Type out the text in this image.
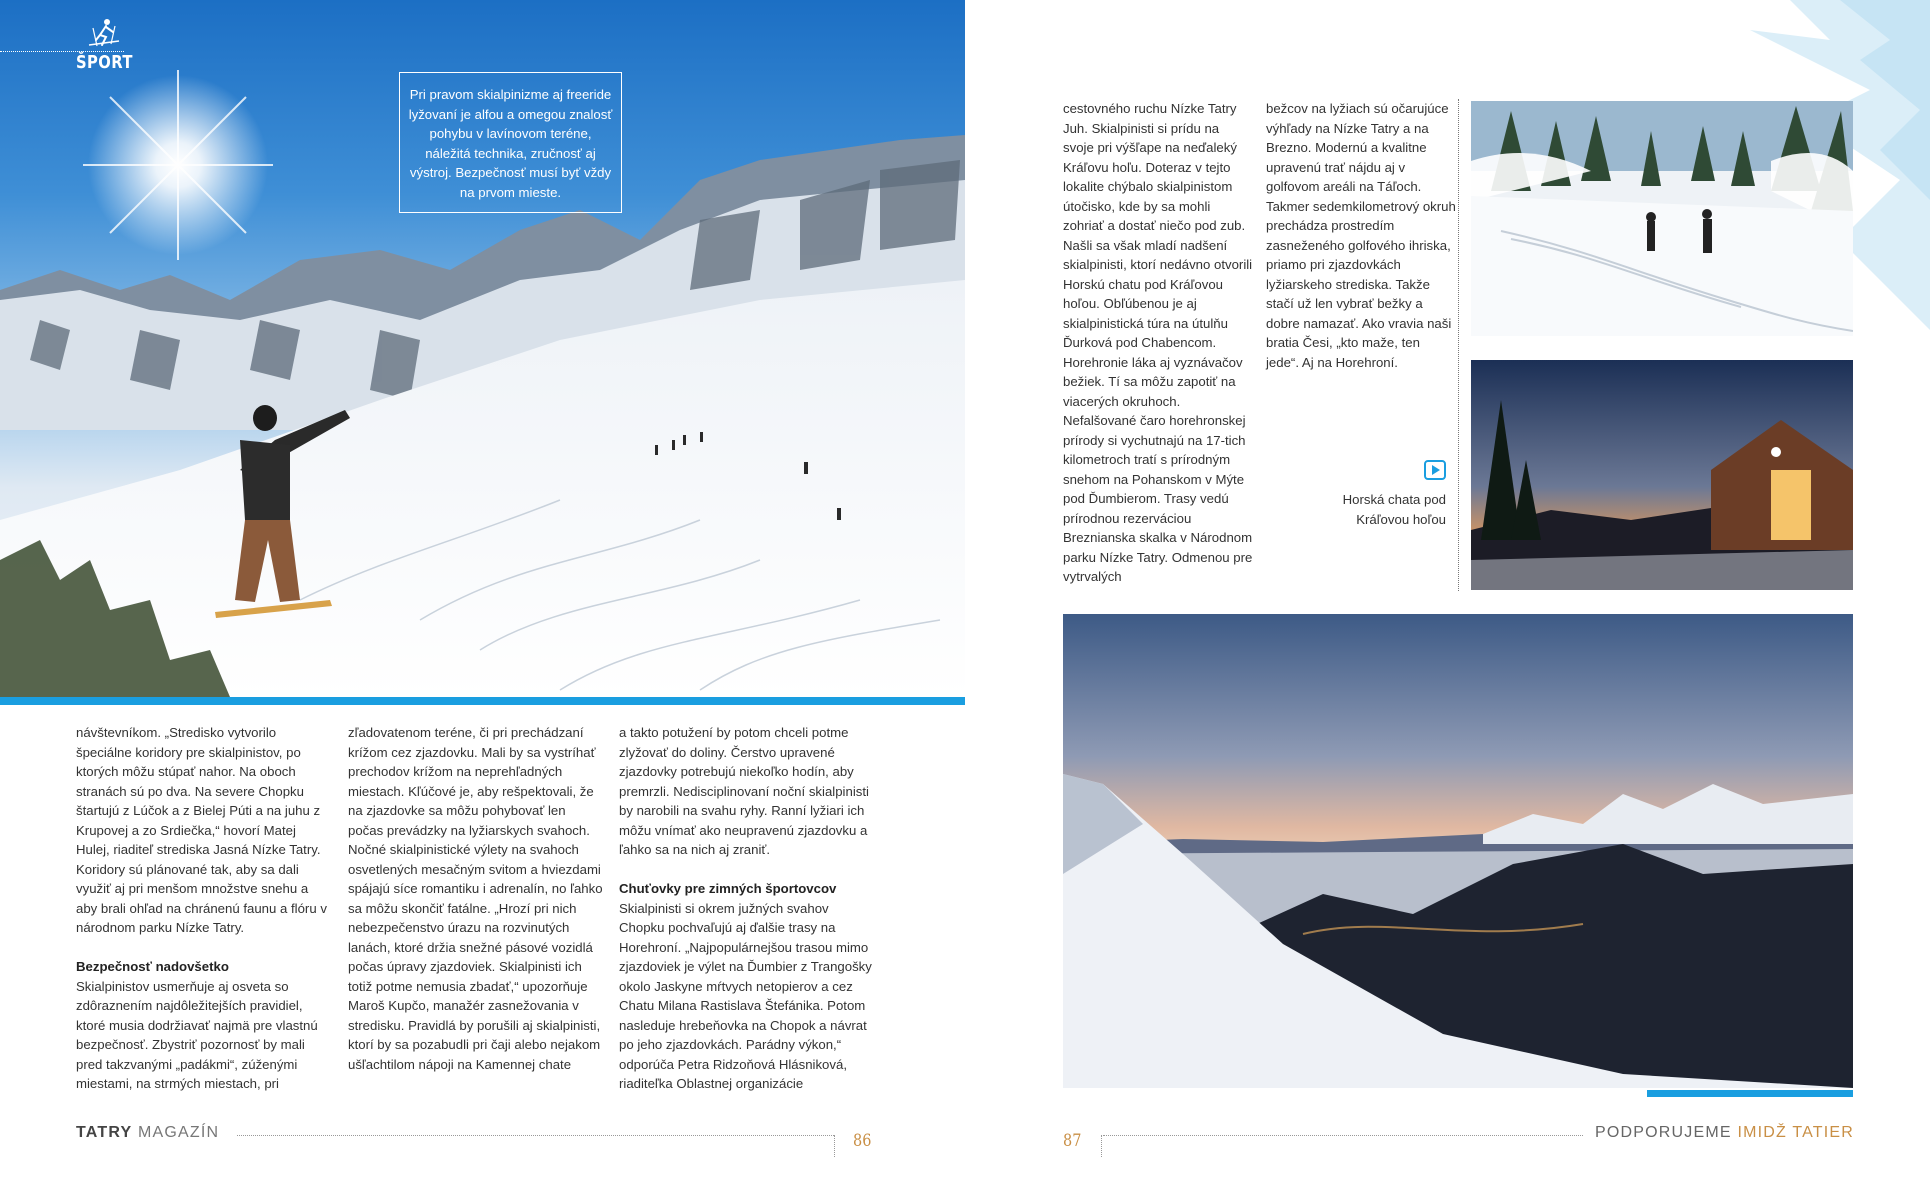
ŠPORT
Pri pravom skialpinizme aj freeride lyžovaní je alfou a omegou znalosť pohybu v lavínovom teréne, náležitá technika, zručnosť aj výstroj. Bezpečnosť musí byť vždy na prvom mieste.

návštevníkom. „Stredisko vytvorilo špeciálne koridory pre skialpinistov, po ktorých môžu stúpať nahor. Na oboch stranách sú po dva. Na severe Chopku štartujú z Lúčok a z Bielej Púti a na juhu z Krupovej a zo Srdiečka,“ hovorí Matej Hulej, riaditeľ strediska Jasná Nízke Tatry. Koridory sú plánované tak, aby sa dali využiť aj pri menšom množstve snehu a aby brali ohľad na chránenú faunu a flóru v národnom parku Nízke Tatry.

Bezpečnosť nadovšetko

Skialpinistov usmerňuje aj osveta so zdôraznením najdôležitejších pravidiel, ktoré musia dodržiavať najmä pre vlastnú bezpečnosť. Zbystriť pozornosť by mali pred takzvanými „padákmi“, zúženými miestami, na strmých miestach, pri

zľadovatenom teréne, či pri prechádzaní krížom cez zjazdovku. Mali by sa vystríhať prechodov krížom na neprehľadných miestach. Kľúčové je, aby rešpektovali, že na zjazdovke sa môžu pohybovať len počas prevádzky na lyžiarskych svahoch. Nočné skialpinistické výlety na svahoch osvetlených mesačným svitom a hviezdami spájajú síce romantiku i adrenalín, no ľahko sa môžu skončiť fatálne. „Hrozí pri nich nebezpečenstvo úrazu na rozvinutých lanách, ktoré držia snežné pásové vozidlá počas úpravy zjazdoviek. Skialpinisti ich totiž potme nemusia zbadať,“ upozorňuje Maroš Kupčo, manažér zasnežovania v stredisku. Pravidlá by porušili aj skialpinisti, ktorí by sa pozabudli pri čaji alebo nejakom ušľachtilom nápoji na Kamennej chate

a takto potužení by potom chceli potme zlyžovať do doliny. Čerstvo upravené zjazdovky potrebujú niekoľko hodín, aby premrzli. Nedisciplinovaní noční skialpinisti by narobili na svahu ryhy. Ranní lyžiari ich môžu vnímať ako neupravenú zjazdovku a ľahko sa na nich aj zraniť.

Chuťovky pre zimných športovcov

Skialpinisti si okrem južných svahov Chopku pochvaľujú aj ďalšie trasy na Horehroní. „Najpopulárnejšou trasou mimo zjazdoviek je výlet na Ďumbier z Trangošky okolo Jaskyne mŕtvych netopierov a cez Chatu Milana Rastislava Štefánika. Potom nasleduje hrebeňovka na Chopok a návrat po jeho zjazdovkách. Parádny výkon,“ odporúča Petra Ridzoňová Hlásniková, riaditeľka Oblastnej organizácie

TATRY MAGAZÍN	86

cestovného ruchu Nízke Tatry Juh. Skialpinisti si prídu na svoje pri výšľape na neďaleký Kráľovu hoľu. Doteraz v tejto lokalite chýbalo skialpinistom útočisko, kde by sa mohli zohriať a dostať niečo pod zub. Našli sa však mladí nadšení skialpinisti, ktorí nedávno otvorili Horskú chatu pod Kráľovou hoľou. Obľúbenou je aj skialpinistická túra na útulňu Ďurková pod Chabencom. Horehronie láka aj vyznávačov bežiek. Tí sa môžu zapotiť na viacerých okruhoch. Nefalšované čaro horehronskej prírody si vychutnajú na 17-tich kilometroch tratí s prírodným snehom na Pohanskom v Mýte pod Ďumbierom. Trasy vedú prírodnou rezerváciou Breznianska skalka v Národnom parku Nízke Tatry. Odmenou pre vytrvalých

bežcov na lyžiach sú očarujúce výhľady na Nízke Tatry a na Brezno. Modernú a kvalitne upravenú trať nájdu aj v golfovom areáli na Táľoch. Takmer sedemkilometrový okruh prechádza prostredím zasneženého golfového ihriska, priamo pri zjazdovkách lyžiarskeho strediska. Takže stačí už len vybrať bežky a dobre namazať. Ako vravia naši bratia Česi, „kto maže, ten jede“. Aj na Horehroní.

Horská chata pod Kráľovou hoľou
87	PODPORUJEME IMIDŽ TATIER
